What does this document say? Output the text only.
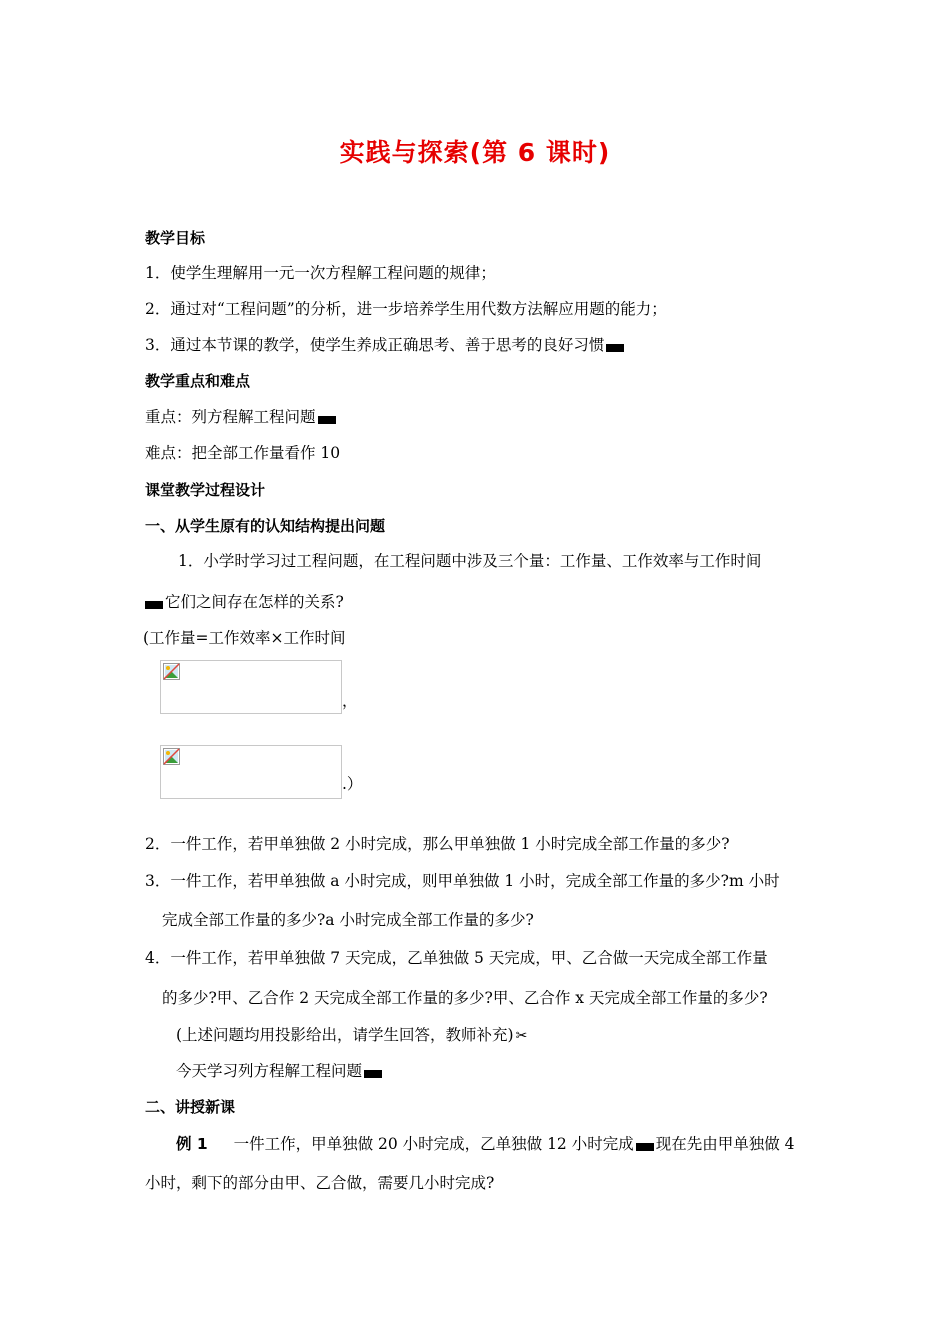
实践与探索(第 6 课时)
教学目标
1．使学生理解用一元一次方程解工程问题的规律；
2．通过对“工程问题”的分析，进一步培养学生用代数方法解应用题的能力；
3．通过本节课的教学，使学生养成正确思考、善于思考的良好习惯
教学重点和难点
重点：列方程解工程问题
难点：把全部工作量看作 10
课堂教学过程设计
一、从学生原有的认知结构提出问题
1．小学时学习过工程问题，在工程问题中涉及三个量：工作量、工作效率与工作时间
它们之间存在怎样的关系?
(工作量=工作效率×工作时间
，
.）
2．一件工作，若甲单独做 2 小时完成，那么甲单独做 1 小时完成全部工作量的多少?
3．一件工作，若甲单独做 a 小时完成，则甲单独做 1 小时，完成全部工作量的多少?m 小时
完成全部工作量的多少?a 小时完成全部工作量的多少?
4．一件工作，若甲单独做 7 天完成，乙单独做 5 天完成，甲、乙合做一天完成全部工作量
的多少?甲、乙合作 2 天完成全部工作量的多少?甲、乙合作 x 天完成全部工作量的多少?
(上述问题均用投影给出，请学生回答，教师补充) ✂
今天学习列方程解工程问题
二、讲授新课
例 1 一件工作，甲单独做 20 小时完成，乙单独做 12 小时完成 现在先由甲单独做 4
小时，剩下的部分由甲、乙合做，需要几小时完成?
